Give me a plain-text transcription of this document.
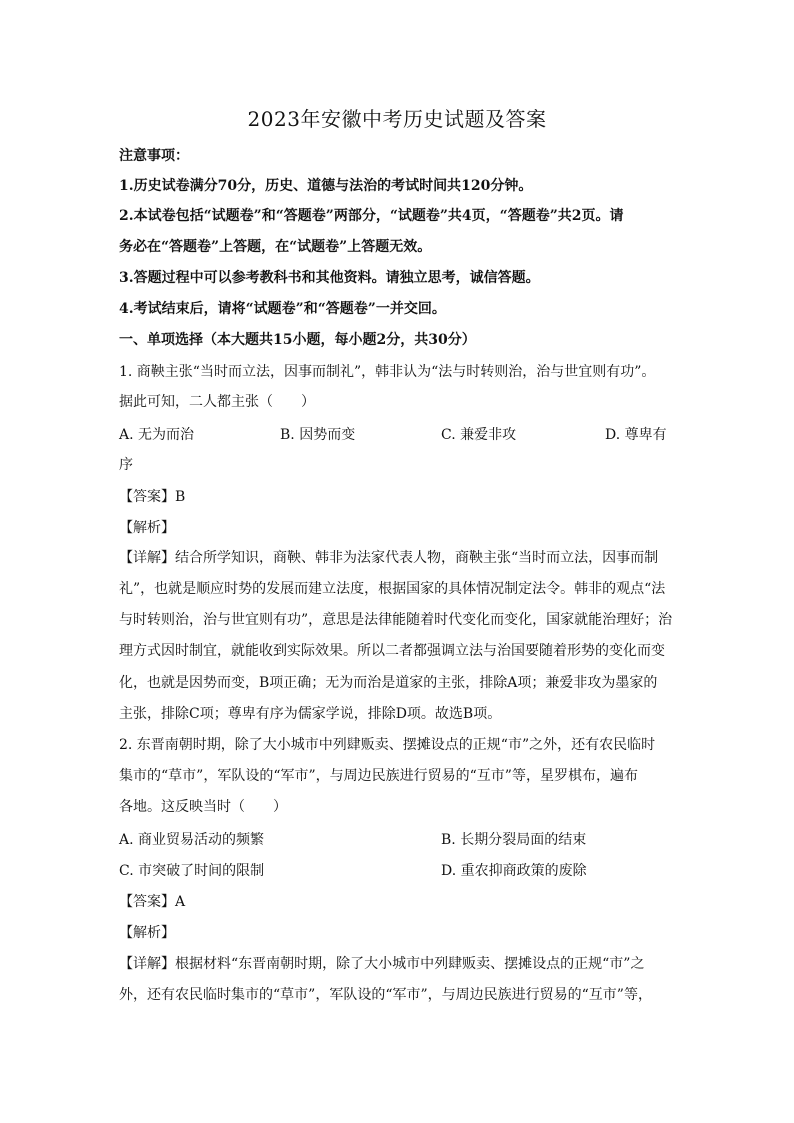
2023年安徽中考历史试题及答案
注意事项：
1.历史试卷满分70分，历史、道德与法治的考试时间共120分钟。
2.本试卷包括“试题卷”和“答题卷”两部分，“试题卷”共4页，“答题卷”共2页。请
务必在“答题卷”上答题，在“试题卷”上答题无效。
3.答题过程中可以参考教科书和其他资料。请独立思考，诚信答题。
4.考试结束后，请将“试题卷”和“答题卷”一并交回。
一、单项选择（本大题共15小题，每小题2分，共30分）
1. 商鞅主张“当时而立法，因事而制礼”，韩非认为“法与时转则治，治与世宜则有功”。
据此可知，二人都主张（　　）
A. 无为而治	B. 因势而变	C. 兼爱非攻	D. 尊卑有
序
【答案】B
【解析】
【详解】结合所学知识，商鞅、韩非为法家代表人物，商鞅主张“当时而立法，因事而制
礼”，也就是顺应时势的发展而建立法度，根据国家的具体情况制定法令。韩非的观点“法
与时转则治，治与世宜则有功”，意思是法律能随着时代变化而变化，国家就能治理好；治
理方式因时制宜，就能收到实际效果。所以二者都强调立法与治国要随着形势的变化而变
化，也就是因势而变，B项正确；无为而治是道家的主张，排除A项；兼爱非攻为墨家的
主张，排除C项；尊卑有序为儒家学说，排除D项。故选B项。
2. 东晋南朝时期，除了大小城市中列肆贩卖、摆摊设点的正规“市”之外，还有农民临时
集市的“草市”，军队设的“军市”，与周边民族进行贸易的“互市”等，星罗棋布，遍布
各地。这反映当时（　　）
A. 商业贸易活动的频繁	B. 长期分裂局面的结束
C. 市突破了时间的限制	D. 重农抑商政策的废除
【答案】A
【解析】
【详解】根据材料“东晋南朝时期，除了大小城市中列肆贩卖、摆摊设点的正规“市”之
外，还有农民临时集市的“草市”，军队设的“军市”，与周边民族进行贸易的“互市”等，
